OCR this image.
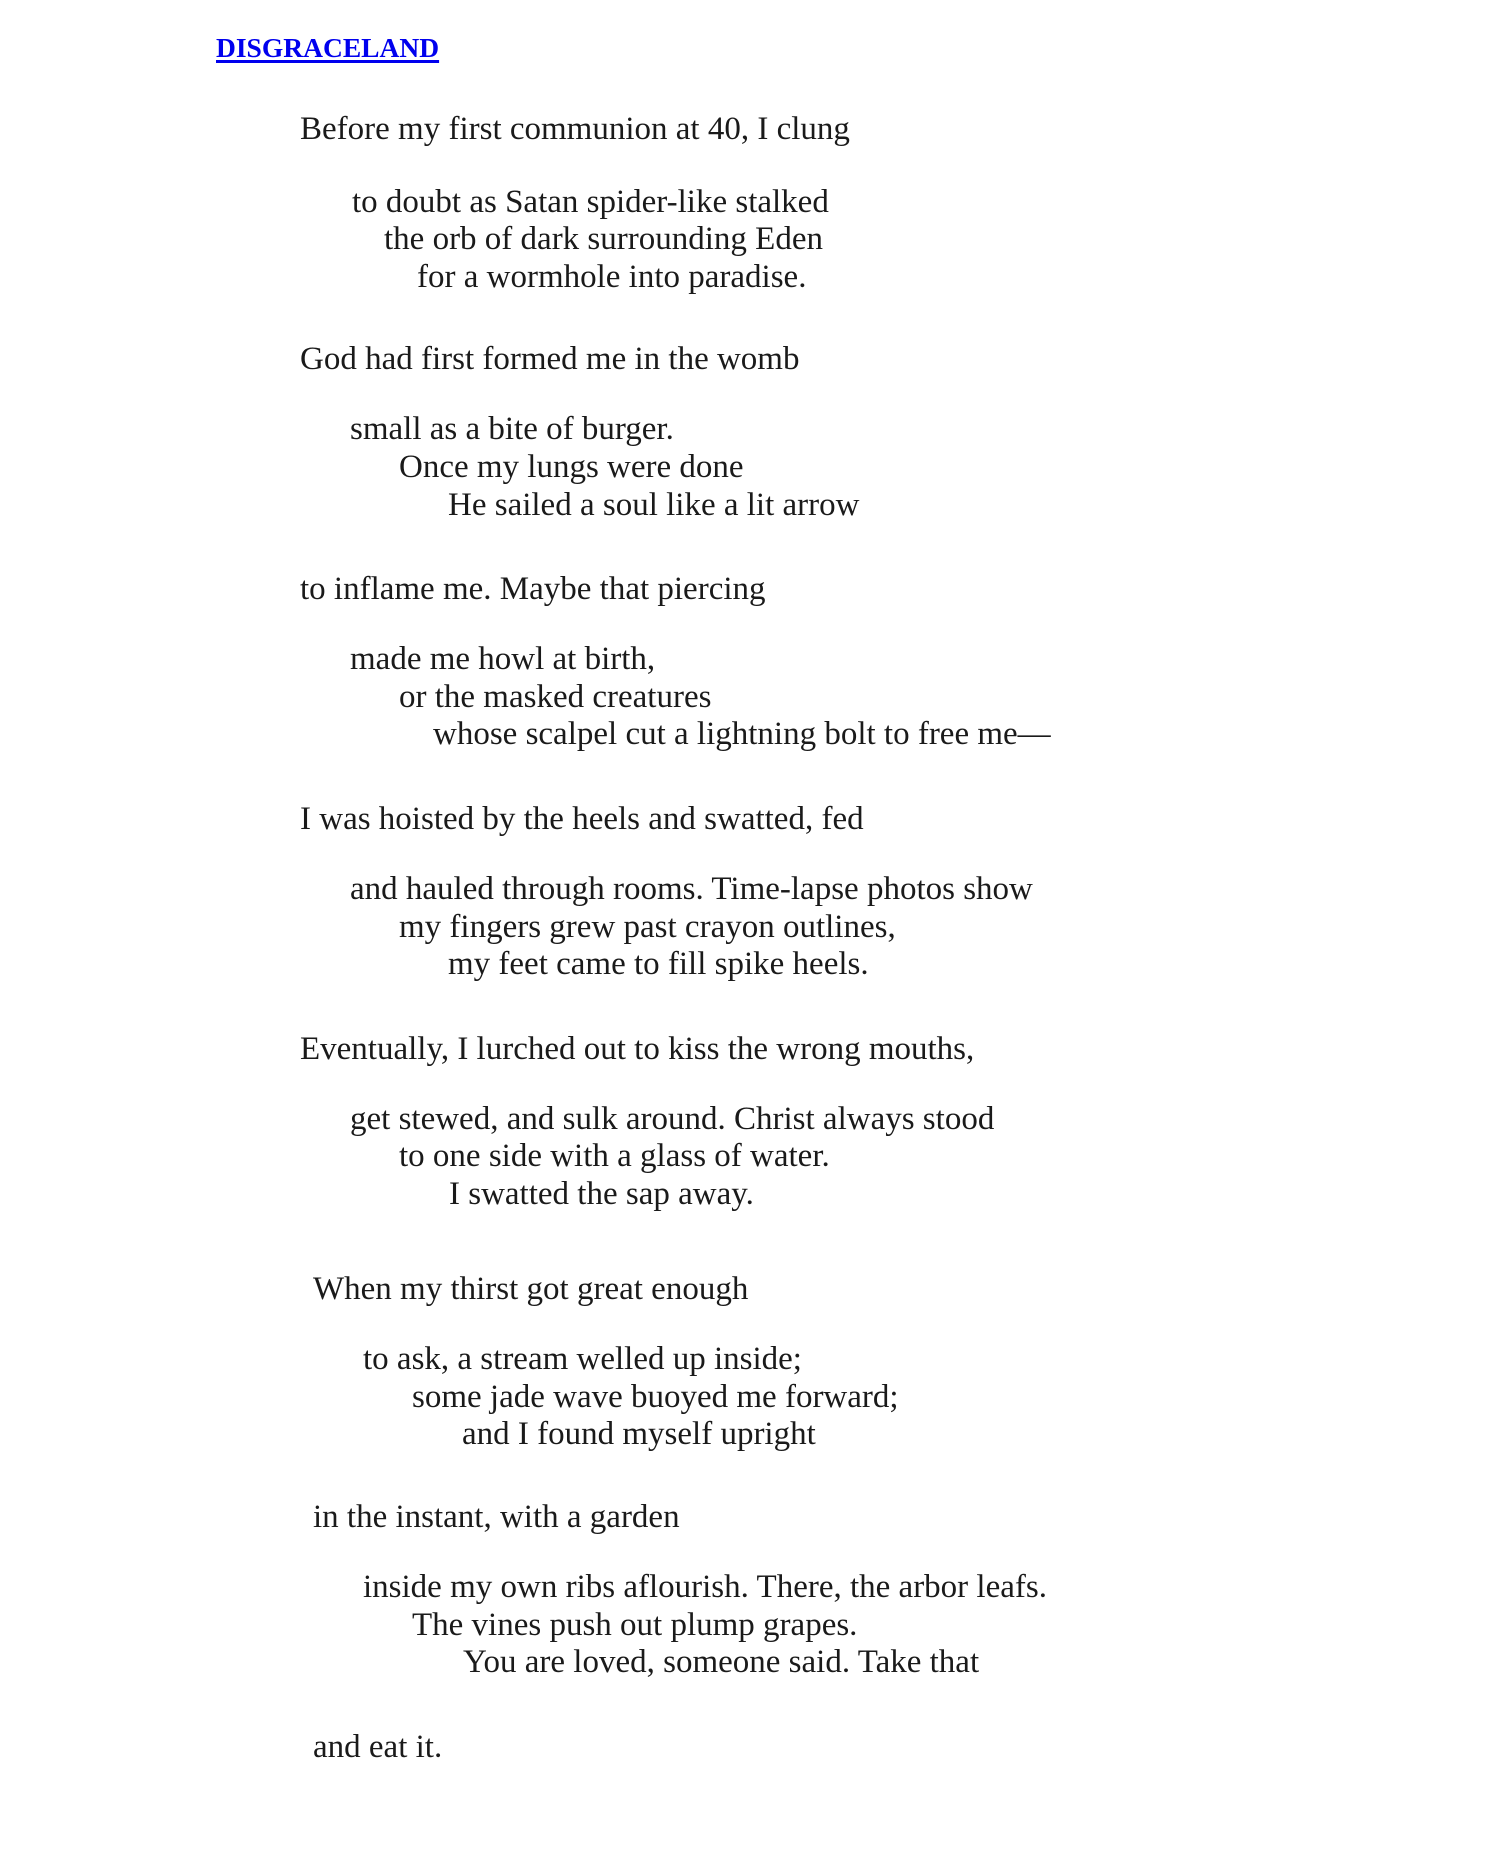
DISGRACELAND
Before my first communion at 40, I clung
to doubt as Satan spider-like stalked
the orb of dark surrounding Eden
for a wormhole into paradise.
God had first formed me in the womb
small as a bite of burger.
Once my lungs were done
He sailed a soul like a lit arrow
to inflame me. Maybe that piercing
made me howl at birth,
or the masked creatures
whose scalpel cut a lightning bolt to free me—
I was hoisted by the heels and swatted, fed
and hauled through rooms. Time-lapse photos show
my fingers grew past crayon outlines,
my feet came to fill spike heels.
Eventually, I lurched out to kiss the wrong mouths,
get stewed, and sulk around. Christ always stood
to one side with a glass of water.
I swatted the sap away.
When my thirst got great enough
to ask, a stream welled up inside;
some jade wave buoyed me forward;
and I found myself upright
in the instant, with a garden
inside my own ribs aflourish. There, the arbor leafs.
The vines push out plump grapes.
You are loved, someone said. Take that
and eat it.
